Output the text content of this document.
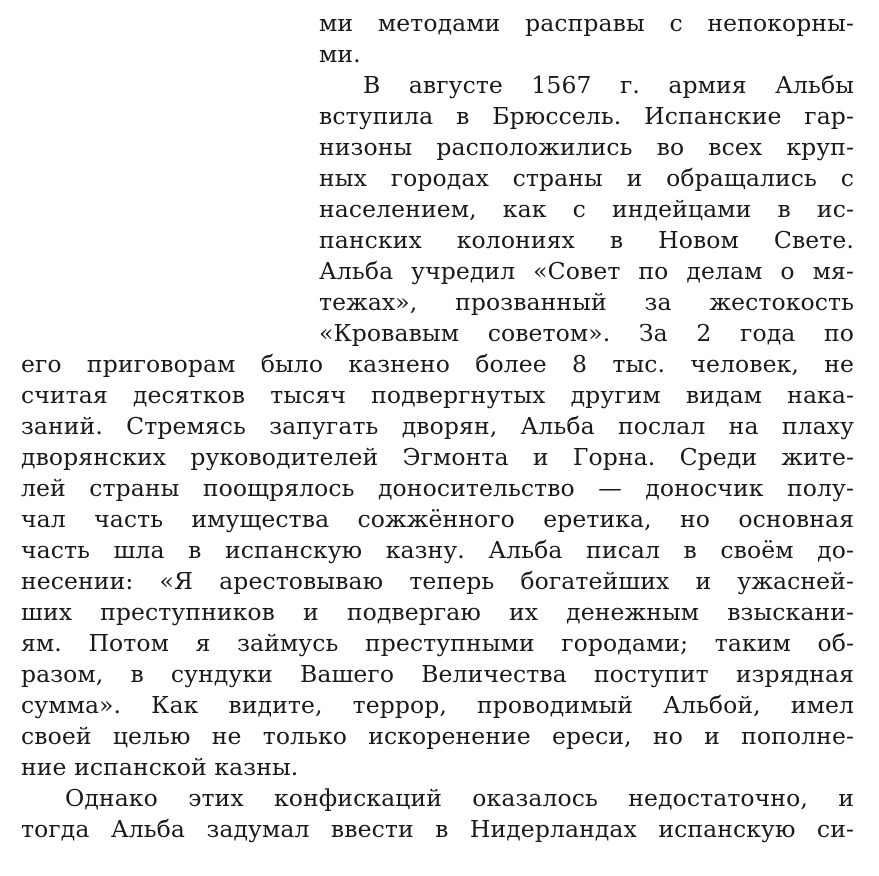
ми методами расправы с непокорны-
ми.
В августе 1567 г. армия Альбы
вступила в Брюссель. Испанские гар-
низоны расположились во всех круп-
ных городах страны и обращались с
населением, как с индейцами в ис-
панских колониях в Новом Свете.
Альба учредил «Совет по делам о мя-
тежах», прозванный за жестокость
«Кровавым советом». За 2 года по
его приговорам было казнено более 8 тыс. человек, не
считая десятков тысяч подвергнутых другим видам нака-
заний. Стремясь запугать дворян, Альба послал на плаху
дворянских руководителей Эгмонта и Горна. Среди жите-
лей страны поощрялось доносительство — доносчик полу-
чал часть имущества сожжённого еретика, но основная
часть шла в испанскую казну. Альба писал в своём до-
несении: «Я арестовываю теперь богатейших и ужасней-
ших преступников и подвергаю их денежным взыскани-
ям. Потом я займусь преступными городами; таким об-
разом, в сундуки Вашего Величества поступит изрядная
сумма». Как видите, террор, проводимый Альбой, имел
своей целью не только искоренение ереси, но и пополне-
ние испанской казны.
Однако этих конфискаций оказалось недостаточно, и
тогда Альба задумал ввести в Нидерландах испанскую си-
